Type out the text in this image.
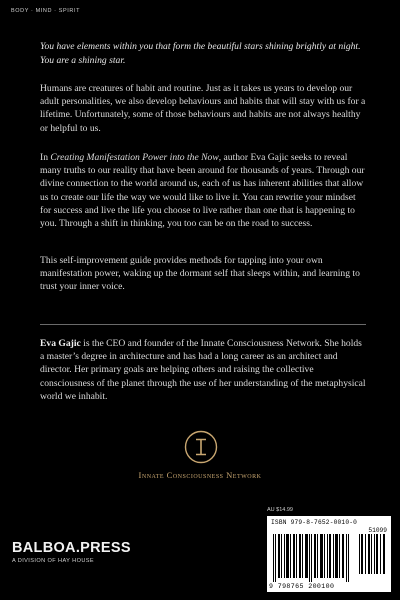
BODY · MIND · SPIRIT

You have elements within you that form the beautiful stars shining brightly at night. You are a shining star.

Humans are creatures of habit and routine. Just as it takes us years to develop our adult personalities, we also develop behaviours and habits that will stay with us for a lifetime. Unfortunately, some of those behaviours and habits are not always healthy or helpful to us.

In Creating Manifestation Power into the Now, author Eva Gajic seeks to reveal many truths to our reality that have been around for thousands of years. Through our divine connection to the world around us, each of us has inherent abilities that allow us to create our life the way we would like to live it. You can rewrite your mindset for success and live the life you choose to live rather than one that is happening to you. Through a shift in thinking, you too can be on the road to success.

This self-improvement guide provides methods for tapping into your own manifestation power, waking up the dormant self that sleeps within, and learning to trust your inner voice.

Eva Gajic is the CEO and founder of the Innate Consciousness Network. She holds a master’s degree in architecture and has had a long career as an architect and director. Her primary goals are helping others and raising the collective consciousness of the planet through the use of her understanding of the metaphysical world we inhabit.

Innate Consciousness Network
AU $14.99
ISBN 979-8-7652-0010-0
51099
9 798765 200100
BALBOA.PRESS
A DIVISION OF HAY HOUSE
